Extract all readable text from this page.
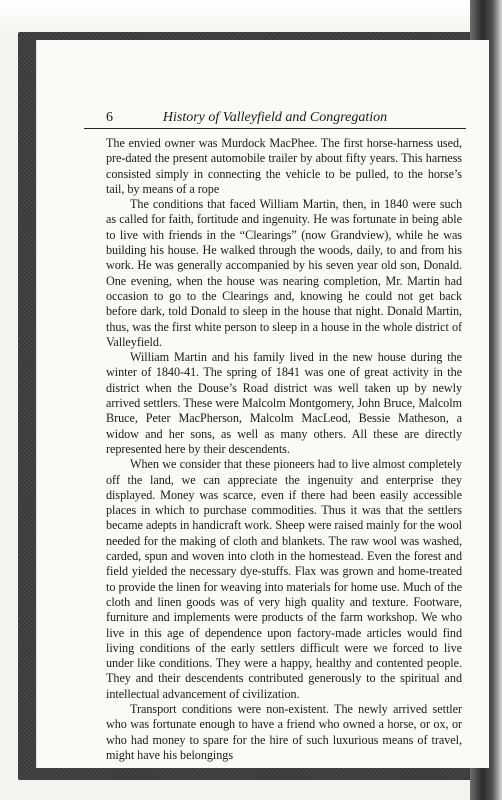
6	History of Valleyfield and Congregation

The envied owner was Murdock MacPhee. The first horse-harness used, pre-dated the present automobile trailer by about fifty years. This harness consisted simply in connecting the vehicle to be pulled, to the horse’s tail, by means of a rope

The conditions that faced William Martin, then, in 1840 were such as called for faith, fortitude and ingenuity. He was fortunate in being able to live with friends in the “Clearings” (now Grandview), while he was building his house. He walked through the woods, daily, to and from his work. He was generally accompanied by his seven year old son, Donald. One evening, when the house was nearing completion, Mr. Martin had occasion to go to the Clearings and, knowing he could not get back before dark, told Donald to sleep in the house that night. Donald Martin, thus, was the first white person to sleep in a house in the whole district of Valleyfield.

William Martin and his family lived in the new house during the winter of 1840-41. The spring of 1841 was one of great activity in the district when the Douse’s Road district was well taken up by newly arrived settlers. These were Malcolm Montgomery, John Bruce, Malcolm Bruce, Peter MacPherson, Malcolm MacLeod, Bessie Matheson, a widow and her sons, as well as many others. All these are directly represented here by their descendents.

When we consider that these pioneers had to live almost completely off the land, we can appreciate the ingenuity and enterprise they displayed. Money was scarce, even if there had been easily accessible places in which to purchase commodities. Thus it was that the settlers became adepts in handicraft work. Sheep were raised mainly for the wool needed for the making of cloth and blankets. The raw wool was washed, carded, spun and woven into cloth in the homestead. Even the forest and field yielded the necessary dye-stuffs. Flax was grown and home-treated to provide the linen for weaving into materials for home use. Much of the cloth and linen goods was of very high quality and texture. Footware, furniture and implements were products of the farm workshop. We who live in this age of dependence upon factory-made articles would find living conditions of the early settlers difficult were we forced to live under like conditions. They were a happy, healthy and contented people. They and their descendents contributed generously to the spiritual and intellectual advancement of civilization.

Transport conditions were non-existent. The newly arrived settler who was fortunate enough to have a friend who owned a horse, or ox, or who had money to spare for the hire of such luxurious means of travel, might have his belongings
